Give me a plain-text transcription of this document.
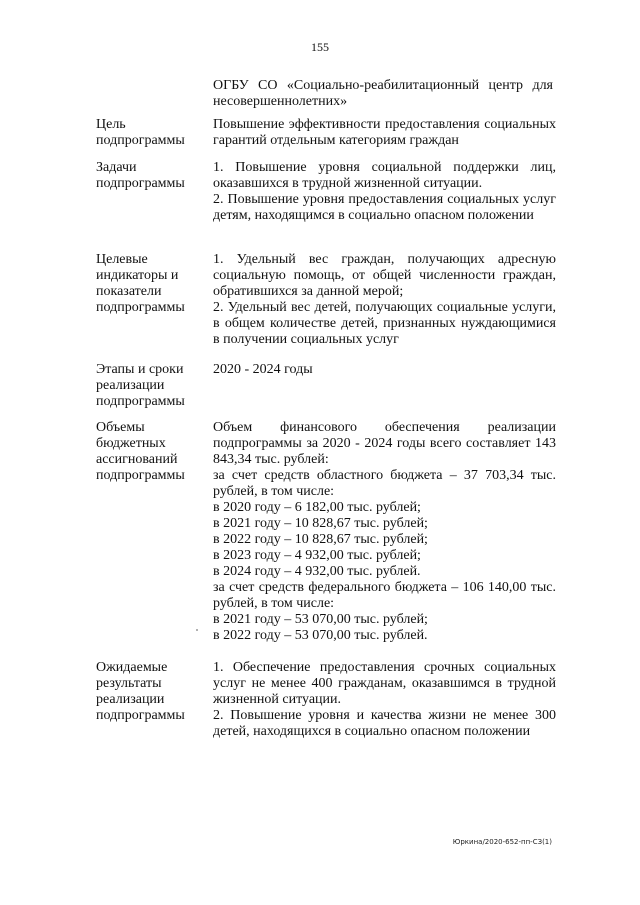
155
ОГБУ СО «Социально-реабилитационный центр для несовершеннолетних»
Цель подпрограммы

Повышение эффективности предоставления социальных гарантий отдельным категориям граждан

Задачи подпрограммы

1. Повышение уровня социальной поддержки лиц, оказавшихся в трудной жизненной ситуации.

2. Повышение уровня предоставления социальных услуг детям, находящимся в социально опасном положении

Целевые индикаторы и показатели подпрограммы

1. Удельный вес граждан, получающих адресную социальную помощь, от общей численности граждан, обратившихся за данной мерой;

2. Удельный вес детей, получающих социальные услуги, в общем количестве детей, признанных нуждающимися в получении социальных услуг

Этапы и сроки реализации подпрограммы

2020 - 2024 годы

Объемы бюджетных ассигнований подпрограммы

Объем финансового обеспечения реализации подпрограммы за 2020 - 2024 годы всего составляет 143 843,34 тыс. рублей:

за счет средств областного бюджета – 37 703,34 тыс. рублей, в том числе:

в 2020 году – 6 182,00 тыс. рублей;

в 2021 году – 10 828,67 тыс. рублей;

в 2022 году – 10 828,67 тыс. рублей;

в 2023 году – 4 932,00 тыс. рублей;

в 2024 году – 4 932,00 тыс. рублей.

за счет средств федерального бюджета – 106 140,00 тыс. рублей, в том числе:

в 2021 году – 53 070,00 тыс. рублей;

в 2022 году – 53 070,00 тыс. рублей.

Ожидаемые результаты реализации подпрограммы

1. Обеспечение предоставления срочных социальных услуг не менее 400 гражданам, оказавшимся в трудной жизненной ситуации.

2. Повышение уровня и качества жизни не менее 300 детей, находящихся в социально опасном положении

Юркина/2020-652-пп-СЗ(1)
